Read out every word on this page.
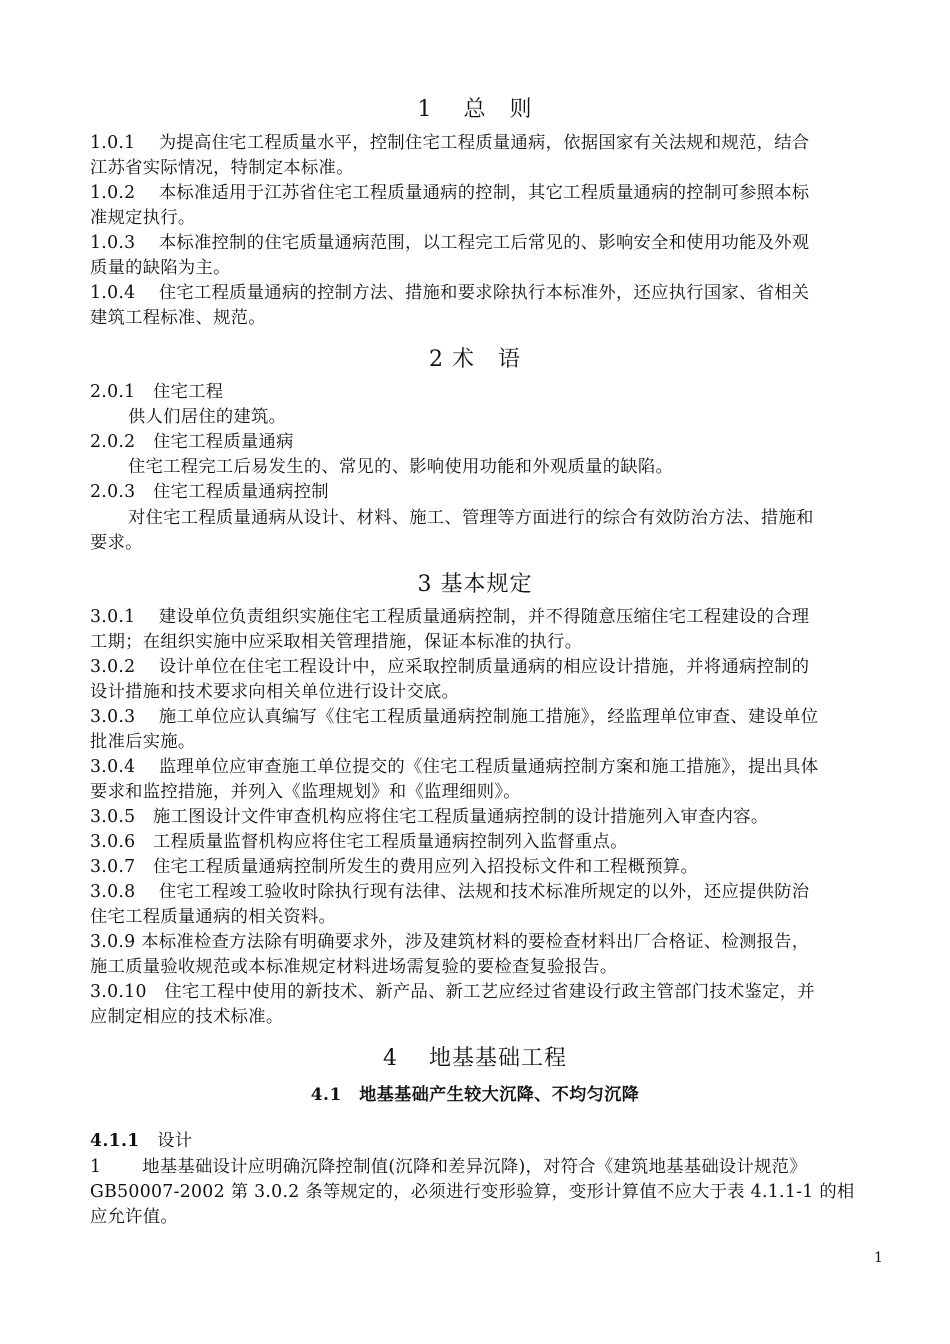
1　 总　则

1.0.1　 为提高住宅工程质量水平，控制住宅工程质量通病，依据国家有关法规和规范，结合
江苏省实际情况，特制定本标准。

1.0.2　 本标准适用于江苏省住宅工程质量通病的控制，其它工程质量通病的控制可参照本标
准规定执行。

1.0.3　 本标准控制的住宅质量通病范围，以工程完工后常见的、影响安全和使用功能及外观
质量的缺陷为主。

1.0.4　 住宅工程质量通病的控制方法、措施和要求除执行本标准外，还应执行国家、省相关
建筑工程标准、规范。

2 术　语

2.0.1　住宅工程

供人们居住的建筑。

2.0.2　住宅工程质量通病

住宅工程完工后易发生的、常见的、影响使用功能和外观质量的缺陷。

2.0.3　住宅工程质量通病控制

对住宅工程质量通病从设计、材料、施工、管理等方面进行的综合有效防治方法、措施和

要求。

3 基本规定

3.0.1　 建设单位负责组织实施住宅工程质量通病控制，并不得随意压缩住宅工程建设的合理
工期；在组织实施中应采取相关管理措施，保证本标准的执行。

3.0.2　 设计单位在住宅工程设计中，应采取控制质量通病的相应设计措施，并将通病控制的
设计措施和技术要求向相关单位进行设计交底。

3.0.3　 施工单位应认真编写《住宅工程质量通病控制施工措施》，经监理单位审查、建设单位
批准后实施。

3.0.4　 监理单位应审查施工单位提交的《住宅工程质量通病控制方案和施工措施》，提出具体
要求和监控措施，并列入《监理规划》和《监理细则》。

3.0.5　施工图设计文件审查机构应将住宅工程质量通病控制的设计措施列入审查内容。

3.0.6　工程质量监督机构应将住宅工程质量通病控制列入监督重点。

3.0.7　住宅工程质量通病控制所发生的费用应列入招投标文件和工程概预算。

3.0.8　 住宅工程竣工验收时除执行现有法律、法规和技术标准所规定的以外，还应提供防治
住宅工程质量通病的相关资料。

3.0.9 本标准检查方法除有明确要求外，涉及建筑材料的要检查材料出厂合格证、检测报告，
施工质量验收规范或本标准规定材料进场需复验的要检查复验报告。

3.0.10　住宅工程中使用的新技术、新产品、新工艺应经过省建设行政主管部门技术鉴定，并
应制定相应的技术标准。

4　 地基基础工程
4.1　地基基础产生较大沉降、不均匀沉降

4.1.1　设计

1　　 地基基础设计应明确沉降控制值(沉降和差异沉降)，对符合《建筑地基基础设计规范》
GB50007-2002 第 3.0.2 条等规定的，必须进行变形验算，变形计算值不应大于表 4.1.1-1 的相
应允许值。

1
